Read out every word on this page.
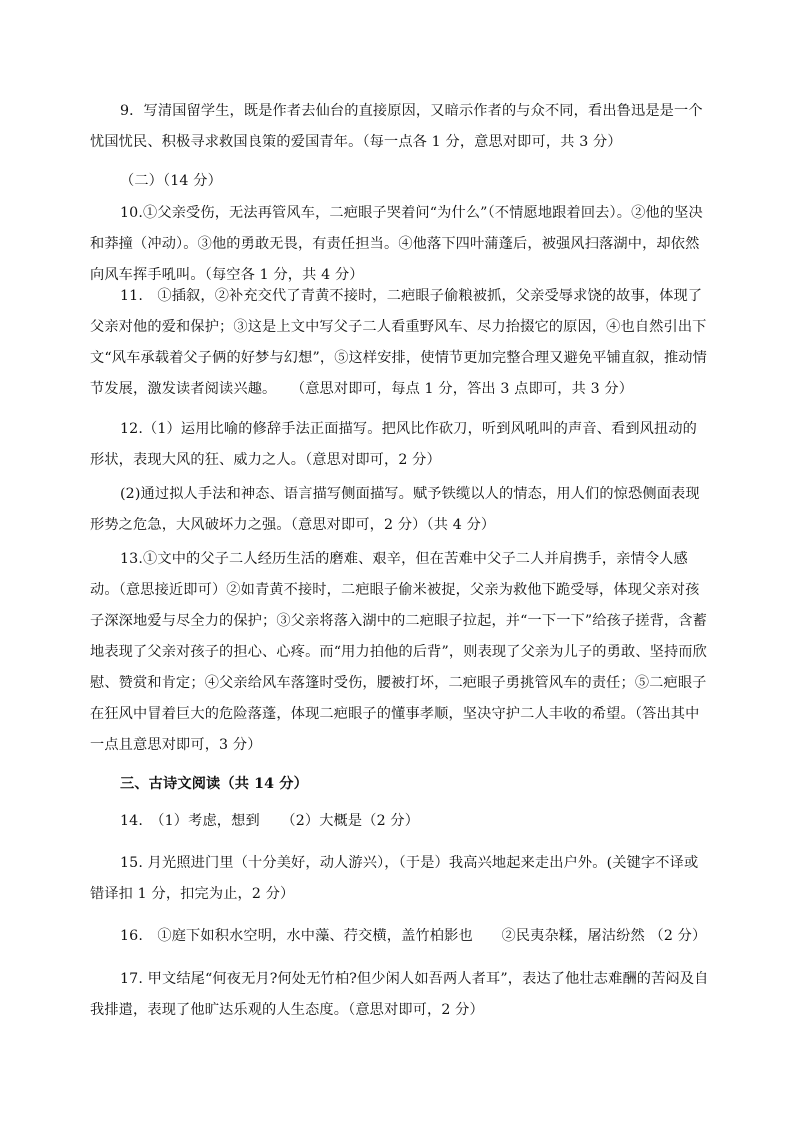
9．写清国留学生，既是作者去仙台的直接原因，又暗示作者的与众不同，看出鲁迅是是一个忧国忧民、积极寻求救国良策的爱国青年。（每一点各 1 分，意思对即可，共 3 分）
（二）（14 分）
10.①父亲受伤，无法再管风车，二疤眼子哭着问“为什么”（不情愿地跟着回去）。②他的坚决和莽撞（冲动）。③他的勇敢无畏，有责任担当。④他落下四叶蒲蓬后，被强风扫落湖中，却依然向风车挥手吼叫。（每空各 1 分，共 4 分）
11.　①插叙，②补充交代了青黄不接时，二疤眼子偷粮被抓，父亲受辱求饶的故事，体现了父亲对他的爱和保护；③这是上文中写父子二人看重野风车、尽力抬掇它的原因，④也自然引出下文“风车承载着父子俩的好梦与幻想”，⑤这样安排，使情节更加完整合理又避免平铺直叙，推动情节发展，激发读者阅读兴趣。　　（意思对即可，每点 1 分，答出 3 点即可，共 3 分）
12.（1）运用比喻的修辞手法正面描写。把风比作砍刀，听到风吼叫的声音、看到风扭动的形状，表现大风的狂、威力之人。（意思对即可，2 分）
(2)通过拟人手法和神态、语言描写侧面描写。赋予铁缆以人的情态，用人们的惊恐侧面表现形势之危急，大风破坏力之强。（意思对即可，2 分）（共 4 分）
13.①文中的父子二人经历生活的磨难、艰辛，但在苦难中父子二人并肩携手，亲情令人感动。（意思接近即可）②如青黄不接时，二疤眼子偷米被捉，父亲为救他下跪受辱，体现父亲对孩子深深地爱与尽全力的保护；③父亲将落入湖中的二疤眼子拉起，并“一下一下”给孩子搓背，含蓄地表现了父亲对孩子的担心、心疼。而“用力拍他的后背”，则表现了父亲为儿子的勇敢、坚持而欣慰、赞赏和肯定；④父亲给风车落篷时受伤，腰被打坏，二疤眼子勇挑管风车的责任；⑤二疤眼子在狂风中冒着巨大的危险落蓬，体现二疤眼子的懂事孝顺，坚决守护二人丰收的希望。（答出其中一点且意思对即可，3 分）
三、古诗文阅读（共 14 分）
14.　（1）考虑，想到　　（2）大概是（2 分）
15. 月光照进门里（十分美好，动人游兴），（于是）我高兴地起来走出户外。(关键字不译或错译扣 1 分，扣完为止，2 分）
16.　①庭下如积水空明，水中藻、荇交横，盖竹柏影也　　②民夷杂糅，屠沽纷然 （2 分）
17. 甲文结尾“何夜无月?何处无竹柏?但少闲人如吾两人者耳”，表达了他壮志难酬的苦闷及自我排遣，表现了他旷达乐观的人生态度。（意思对即可，2 分）
